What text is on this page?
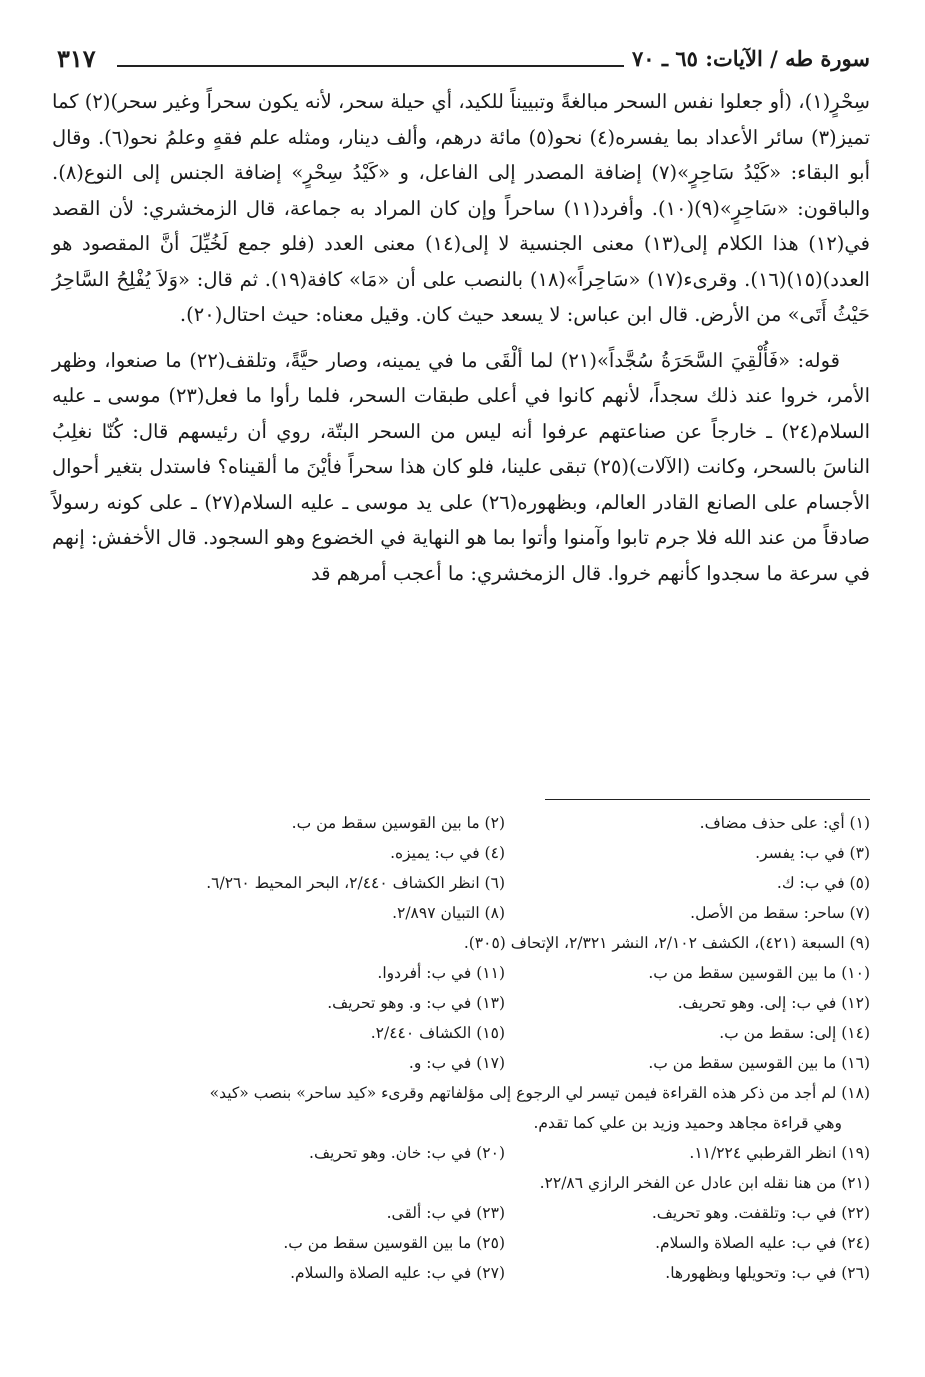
سورة طه / الآيات: ٦٥ ـ ٧٠
٣١٧

سِحْرٍ(١)، (أو جعلوا نفس السحر مبالغةً وتبييناً للكيد، أي حيلة سحر، لأنه يكون سحراً وغير سحر)(٢) كما تميز(٣) سائر الأعداد بما يفسره(٤) نحو(٥) مائة درهم، وألف دينار، ومثله علم فقهٍ وعلمُ نحو(٦). وقال أبو البقاء: «كَيْدُ سَاحِرٍ»(٧) إضافة المصدر إلى الفاعل، و «كَيْدُ سِحْرٍ» إضافة الجنس إلى النوع(٨). والباقون: «سَاحِرٍ»(٩)(١٠). وأفرد(١١) ساحراً وإن كان المراد به جماعة، قال الزمخشري: لأن القصد في(١٢) هذا الكلام إلى(١٣) معنى الجنسية لا إلى(١٤) معنى العدد (فلو جمع لَخُيِّلَ أنَّ المقصود هو العدد)(١٥)(١٦). وقرىء(١٧) «سَاحِراً»(١٨) بالنصب على أن «مَا» كافة(١٩). ثم قال: «وَلاَ يُفْلِحُ السَّاحِرُ حَيْثُ أَتَى» من الأرض. قال ابن عباس: لا يسعد حيث كان. وقيل معناه: حيث احتال(٢٠).

قوله: «فَأُلْقِيَ السَّحَرَةُ سُجَّداً»(٢١) لما ألْقَى ما في يمينه، وصار حيَّةً، وتلقف(٢٢) ما صنعوا، وظهر الأمر، خروا عند ذلك سجداً، لأنهم كانوا في أعلى طبقات السحر، فلما رأوا ما فعل(٢٣) موسى ـ عليه السلام(٢٤) ـ خارجاً عن صناعتهم عرفوا أنه ليس من السحر البتّة، روي أن رئيسهم قال: كُنّا نغلِبُ الناسَ بالسحر، وكانت (الآلات)(٢٥) تبقى علينا، فلو كان هذا سحراً فأيْنَ ما ألقيناه؟ فاستدل بتغير أحوال الأجسام على الصانع القادر العالم، وبظهوره(٢٦) على يد موسى ـ عليه السلام(٢٧) ـ على كونه رسولاً صادقاً من عند الله فلا جرم تابوا وآمنوا وأتوا بما هو النهاية في الخضوع وهو السجود. قال الأخفش: إنهم في سرعة ما سجدوا كأنهم خروا. قال الزمخشري: ما أعجب أمرهم قد

(١) أي: على حذف مضاف.
(٢) ما بين القوسين سقط من ب.
(٣) في ب: يفسر.
(٤) في ب: يميزه.
(٥) في ب: ك.
(٦) انظر الكشاف ٢/٤٤٠، البحر المحيط ٦/٢٦٠.
(٧) ساحر: سقط من الأصل.
(٨) التبيان ٢/٨٩٧.
(٩) السبعة (٤٢١)، الكشف ٢/١٠٢، النشر ٢/٣٢١، الإتحاف (٣٠٥).
(١٠) ما بين القوسين سقط من ب.
(١١) في ب: أفردوا.
(١٢) في ب: إلى. وهو تحريف.
(١٣) في ب: و. وهو تحريف.
(١٤) إلى: سقط من ب.
(١٥) الكشاف ٢/٤٤٠.
(١٦) ما بين القوسين سقط من ب.
(١٧) في ب: و.
(١٨) لم أجد من ذكر هذه القراءة فيمن تيسر لي الرجوع إلى مؤلفاتهم وقرىء «كيد ساحر» بنصب «كيد»
وهي قراءة مجاهد وحميد وزيد بن علي كما تقدم.
(١٩) انظر القرطبي ١١/٢٢٤.
(٢٠) في ب: خان. وهو تحريف.
(٢١) من هنا نقله ابن عادل عن الفخر الرازي ٢٢/٨٦.
(٢٢) في ب: وتلقفت. وهو تحريف.
(٢٣) في ب: ألقى.
(٢٤) في ب: عليه الصلاة والسلام.
(٢٥) ما بين القوسين سقط من ب.
(٢٦) في ب: وتحويلها وبظهورها.
(٢٧) في ب: عليه الصلاة والسلام.
